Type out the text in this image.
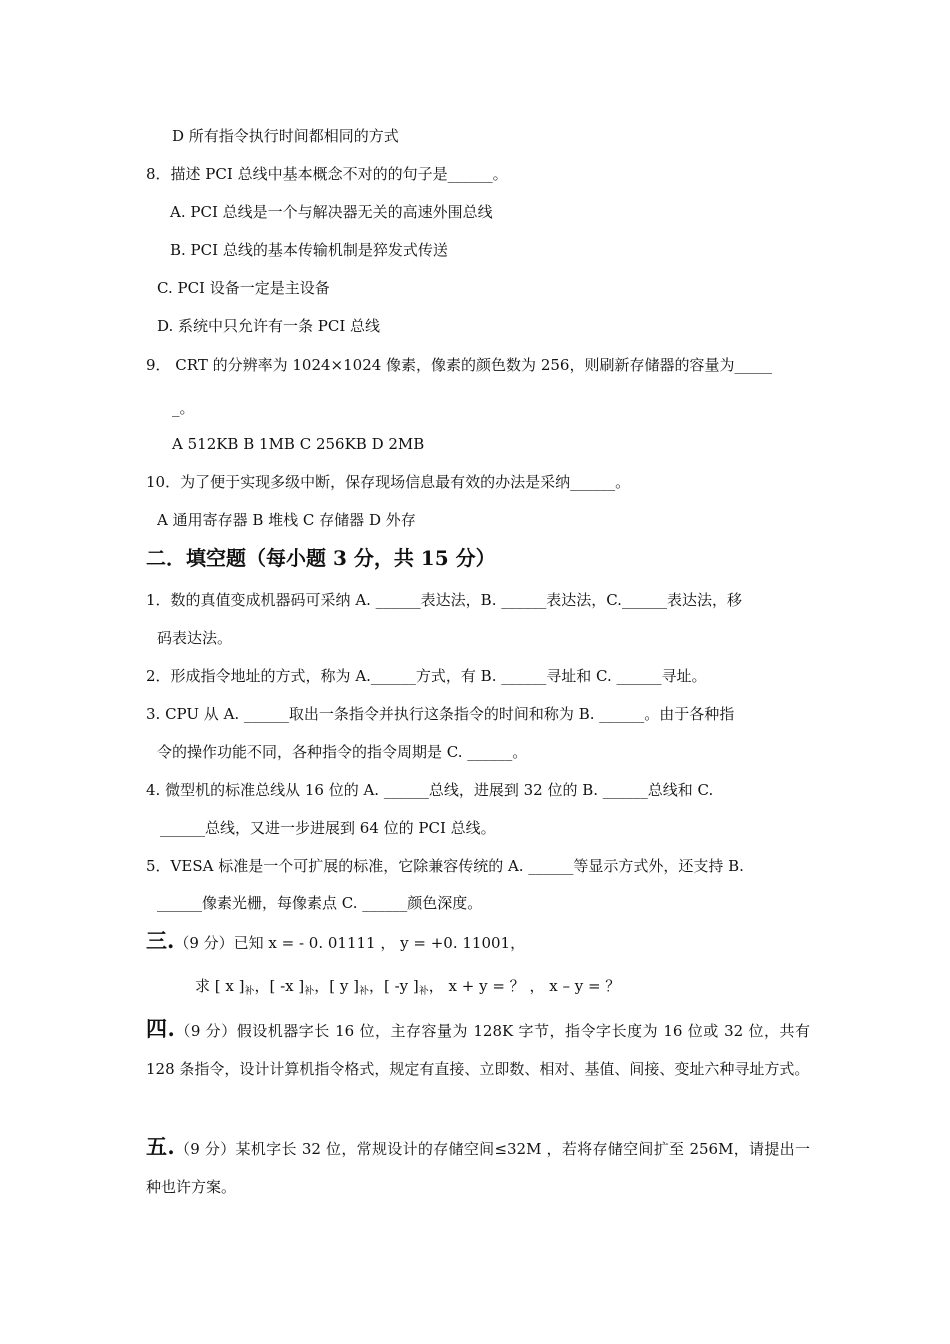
D 所有指令执行时间都相同的方式
8．描述 PCI 总线中基本概念不对的的句子是______。
A. PCI 总线是一个与解决器无关的高速外围总线
B. PCI 总线的基本传输机制是猝发式传送
C. PCI 设备一定是主设备
D. 系统中只允许有一条 PCI 总线
9． CRT 的分辨率为 1024×1024 像素，像素的颜色数为 256，则刷新存储器的容量为_____
_。
A 512KB B 1MB C 256KB D 2MB
10．为了便于实现多级中断，保存现场信息最有效的办法是采纳______。
A 通用寄存器 B 堆栈 C 存储器 D 外存
二．填空题（每小题 3 分，共 15 分）
1．数的真值变成机器码可采纳 A. ______表达法，B. ______表达法，C.______表达法，移
码表达法。
2．形成指令地址的方式，称为 A.______方式，有 B. ______寻址和 C. ______寻址。
3. CPU 从 A. ______取出一条指令并执行这条指令的时间和称为 B. ______。由于各种指
令的操作功能不同，各种指令的指令周期是 C. ______。
4. 微型机的标准总线从 16 位的 A. ______总线，进展到 32 位的 B. ______总线和 C.
______总线，又进一步进展到 64 位的 PCI 总线。
5．VESA 标准是一个可扩展的标准，它除兼容传统的 A. ______等显示方式外，还支持 B.
______像素光栅，每像素点 C. ______颜色深度。
三.（9 分）已知 x = - 0. 01111 ， y = +0. 11001，
求 [ x ]$_补$，[ -x ]$_补$，[ y ]$_补$，[ -y ]$_补$， x + y = ？ ， x – y = ？
四.（9 分）假设机器字长 16 位，主存容量为 128K 字节，指令字长度为 16 位或 32 位，共有 128 条指令，设计计算机指令格式，规定有直接、立即数、相对、基值、间接、变址六种寻址方式。
五.（9 分）某机字长 32 位，常规设计的存储空间≤32M ，若将存储空间扩至 256M，请提出一种也许方案。
